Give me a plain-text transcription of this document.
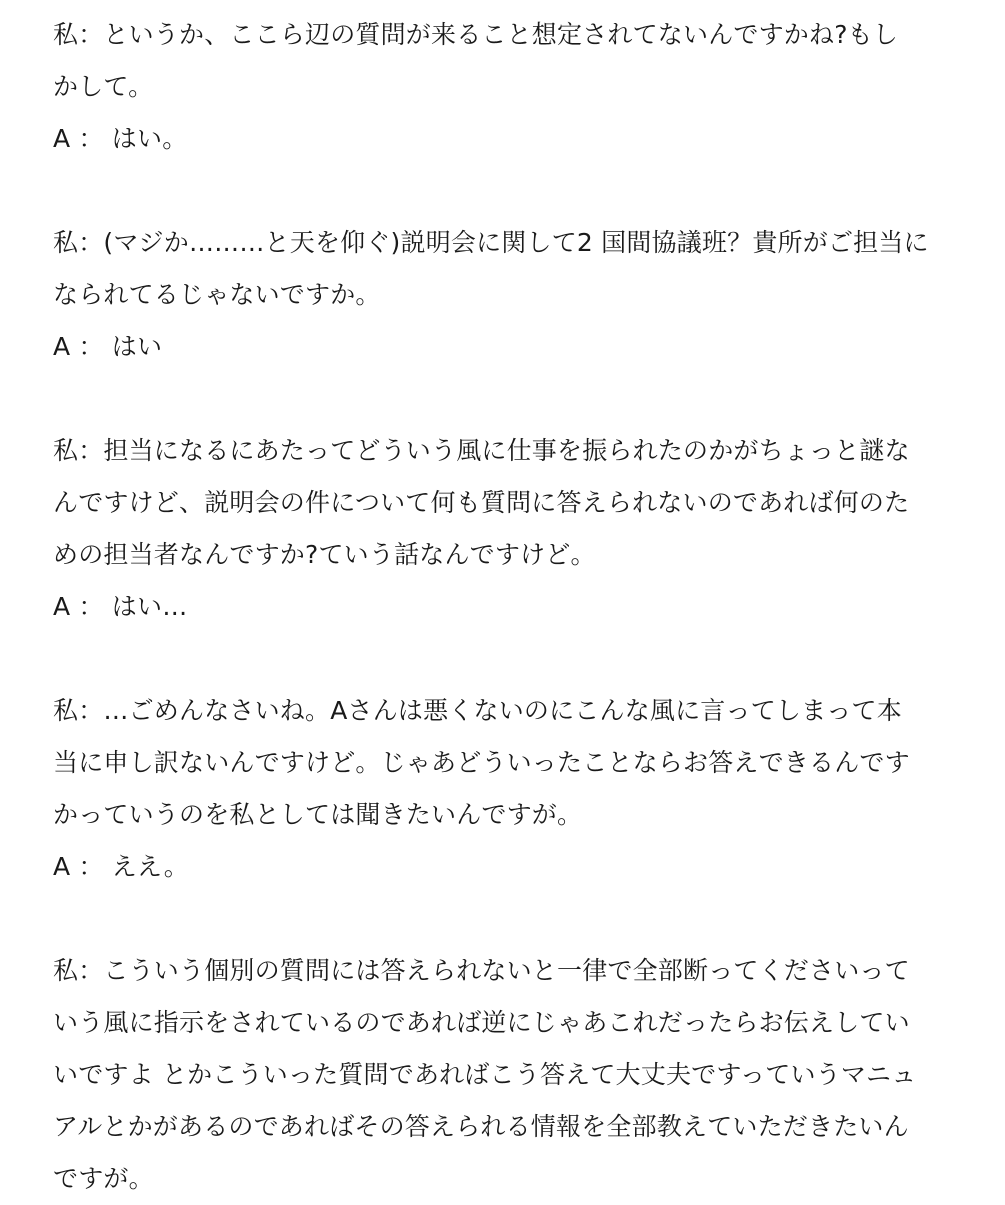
私：というか、ここら辺の質問が来ること想定されてないんですかね?もし
かして。
A ： はい。
私：(マジか………と天を仰ぐ)説明会に関して2 国間協議班？貴所がご担当に
なられてるじゃないですか。
A ： はい
私：担当になるにあたってどういう風に仕事を振られたのかがちょっと謎な
んですけど、説明会の件について何も質問に答えられないのであれば何のた
めの担当者なんですか?ていう話なんですけど。
A ： はい…
私：…ごめんなさいね。Aさんは悪くないのにこんな風に言ってしまって本
当に申し訳ないんですけど。じゃあどういったことならお答えできるんです
かっていうのを私としては聞きたいんですが。
A ： ええ。
私：こういう個別の質問には答えられないと一律で全部断ってくださいって
いう風に指示をされているのであれば逆にじゃあこれだったらお伝えしてい
いですよ とかこういった質問であればこう答えて大丈夫ですっていうマニュ
アルとかがあるのであればその答えられる情報を全部教えていただきたいん
ですが。
